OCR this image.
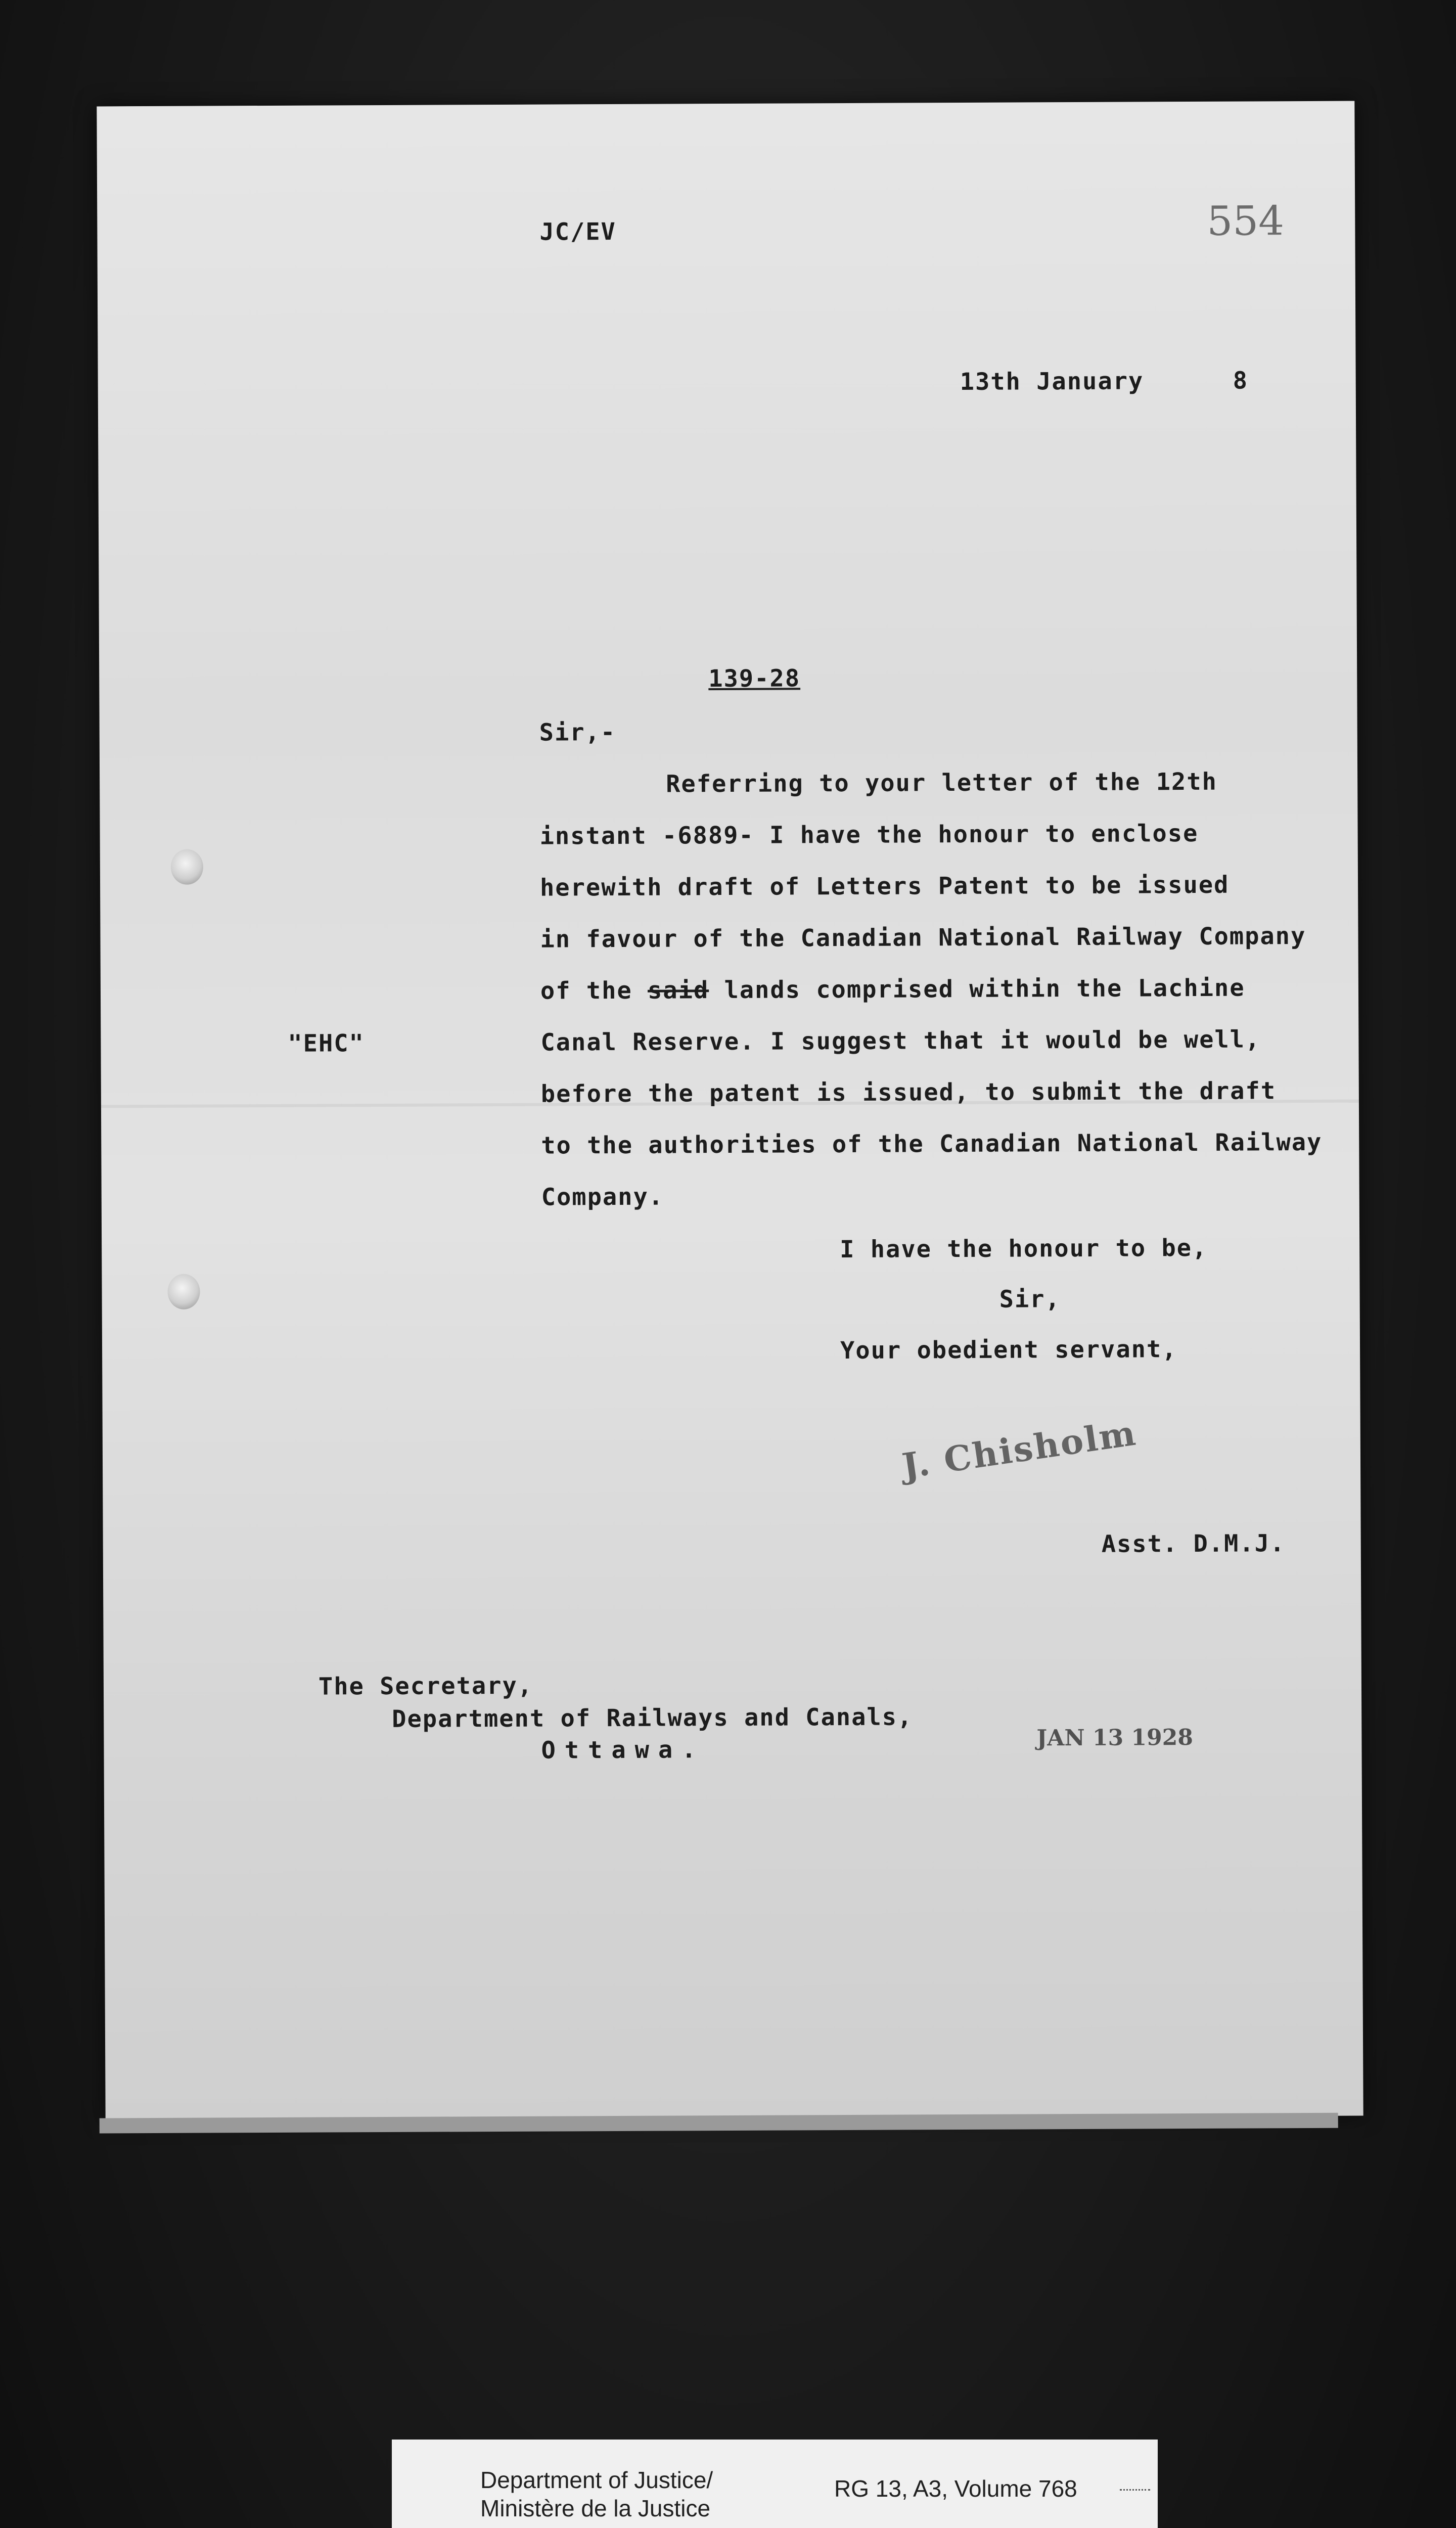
JC/EV	554
13th January	8
139-28
Sir,-
Referring to your letter of the 12th
instant -6889- I have the honour to enclose
herewith draft of Letters Patent to be issued
in favour of the Canadian National Railway Company
of the said lands comprised within the Lachine
Canal Reserve. I suggest that it would be well,
before the patent is issued, to submit the draft
to the authorities of the Canadian National Railway
Company.
"EHC"
I have the honour to be,
Sir,
Your obedient servant,
J. Chisholm
Asst. D.M.J.
The Secretary,
Department of Railways and Canals,
Ottawa.	JAN 13 1928
Department of Justice/
Ministère de la Justice
RG 13, A3, Volume 768
